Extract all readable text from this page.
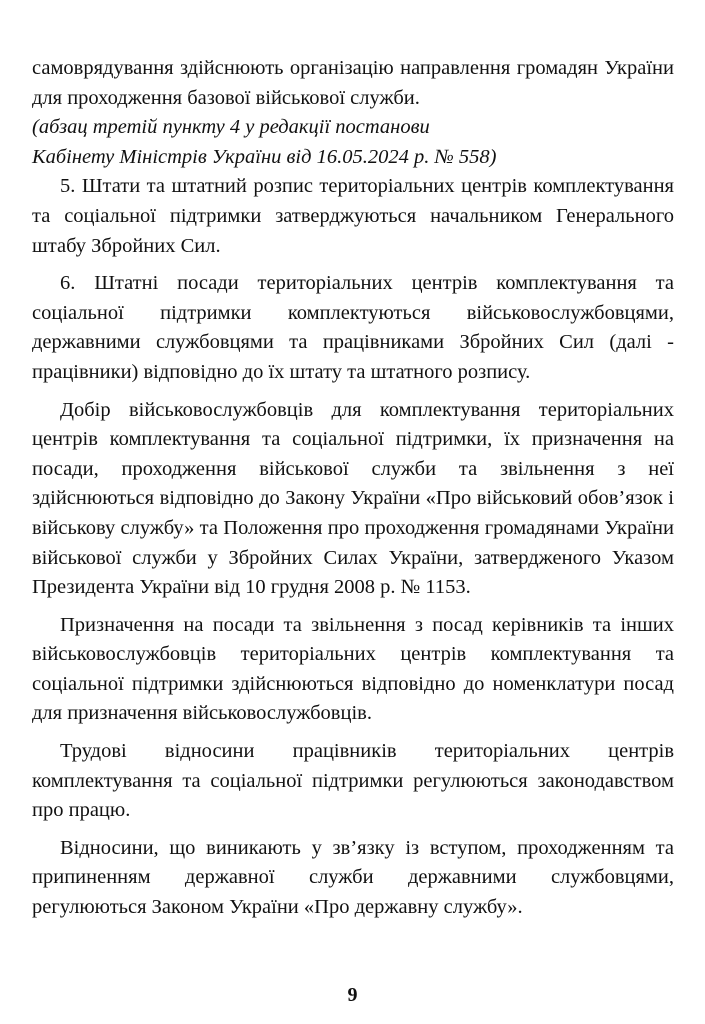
самоврядування здійснюють організацію направлення громадян України для проходження базової військової служби.

(абзац третій пункту 4 у редакції постанови

Кабінету Міністрів України від 16.05.2024 р. № 558)

5. Штати та штатний розпис територіальних центрів комплектування та соціальної підтримки затверджуються начальником Генерального штабу Збройних Сил.

6. Штатні посади територіальних центрів комплектування та соціальної підтримки комплектуються військовослужбовцями, державними службовцями та працівниками Збройних Сил (далі - працівники) відповідно до їх штату та штатного розпису.

Добір військовослужбовців для комплектування територіальних центрів комплектування та соціальної підтримки, їх призначення на посади, проходження військової служби та звільнення з неї здійснюються відповідно до Закону України «Про військовий обов’язок і військову службу» та Положення про проходження громадянами України військової служби у Збройних Силах України, затвердженого Указом Президента України від 10 грудня 2008 р. № 1153.

Призначення на посади та звільнення з посад керівників та інших військовослужбовців територіальних центрів комплектування та соціальної підтримки здійснюються відповідно до номенклатури посад для призначення військовослужбовців.

Трудові відносини працівників територіальних центрів комплектування та соціальної підтримки регулюються законодавством про працю.

Відносини, що виникають у зв’язку із вступом, проходженням та припиненням державної служби державними службовцями, регулюються Законом України «Про державну службу».

9
